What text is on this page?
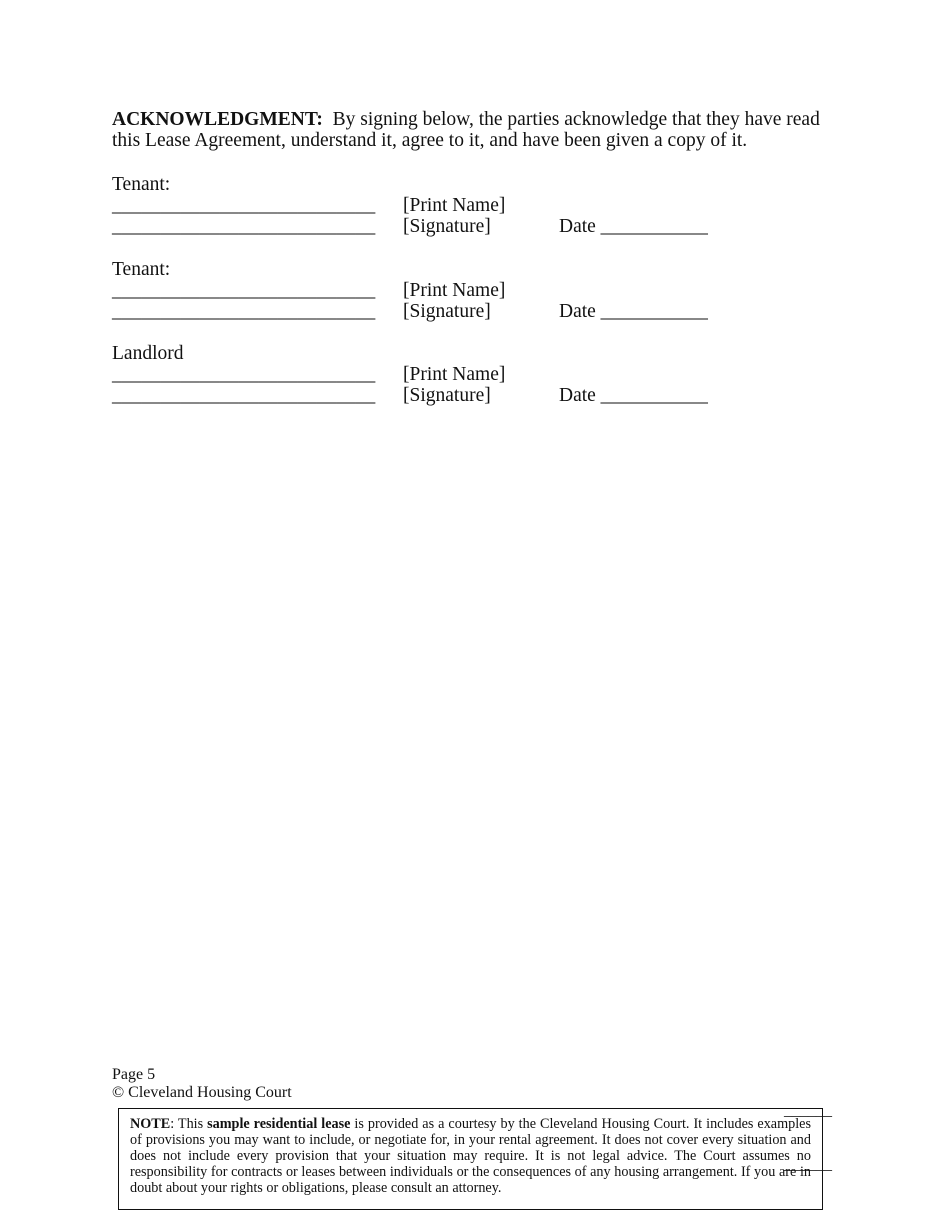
ACKNOWLEDGMENT: By signing below, the parties acknowledge that they have read this Lease Agreement, understand it, agree to it, and have been given a copy of it.

Tenant:
___________________________ [Print Name]
___________________________ [Signature]	Date ___________
Tenant:
___________________________ [Print Name]
___________________________ [Signature]	Date ___________
Landlord
___________________________ [Print Name]
___________________________ [Signature]	Date ___________
Page 5
© Cleveland Housing Court

______

______

NOTE: This sample residential lease is provided as a courtesy by the Cleveland Housing Court. It includes examples of provisions you may want to include, or negotiate for, in your rental agreement. It does not cover every situation and does not include every provision that your situation may require. It is not legal advice. The Court assumes no responsibility for contracts or leases between individuals or the consequences of any housing arrangement. If you are in doubt about your rights or obligations, please consult an attorney.
